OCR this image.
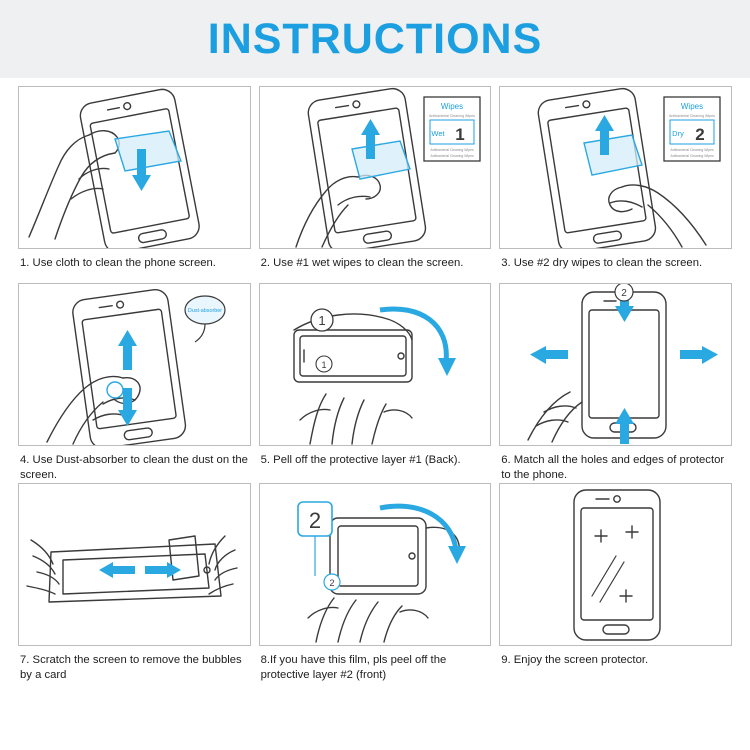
INSTRUCTIONS
1. Use cloth to clean the phone screen.
Wipes
Antibacterial Cleaning Wipes
Wet 1
Antibacterial Cleaning Wipes
Antibacterial Cleaning Wipes
2. Use #1 wet wipes to clean the screen.
Wipes
Antibacterial Cleaning Wipes
Dry 2
Antibacterial Cleaning Wipes
Antibacterial Cleaning Wipes
3. Use #2 dry wipes to clean the screen.
Dust-absorber
4. Use Dust-absorber to clean the dust on the screen.
1
1
5. Pell off the protective layer #1 (Back).
2
6. Match all the holes and edges of protector to the phone.
7. Scratch the screen to remove the bubbles by a card
2
2
8.If you have this film, pls peel off the protective layer #2 (front)
9. Enjoy the screen protector.
